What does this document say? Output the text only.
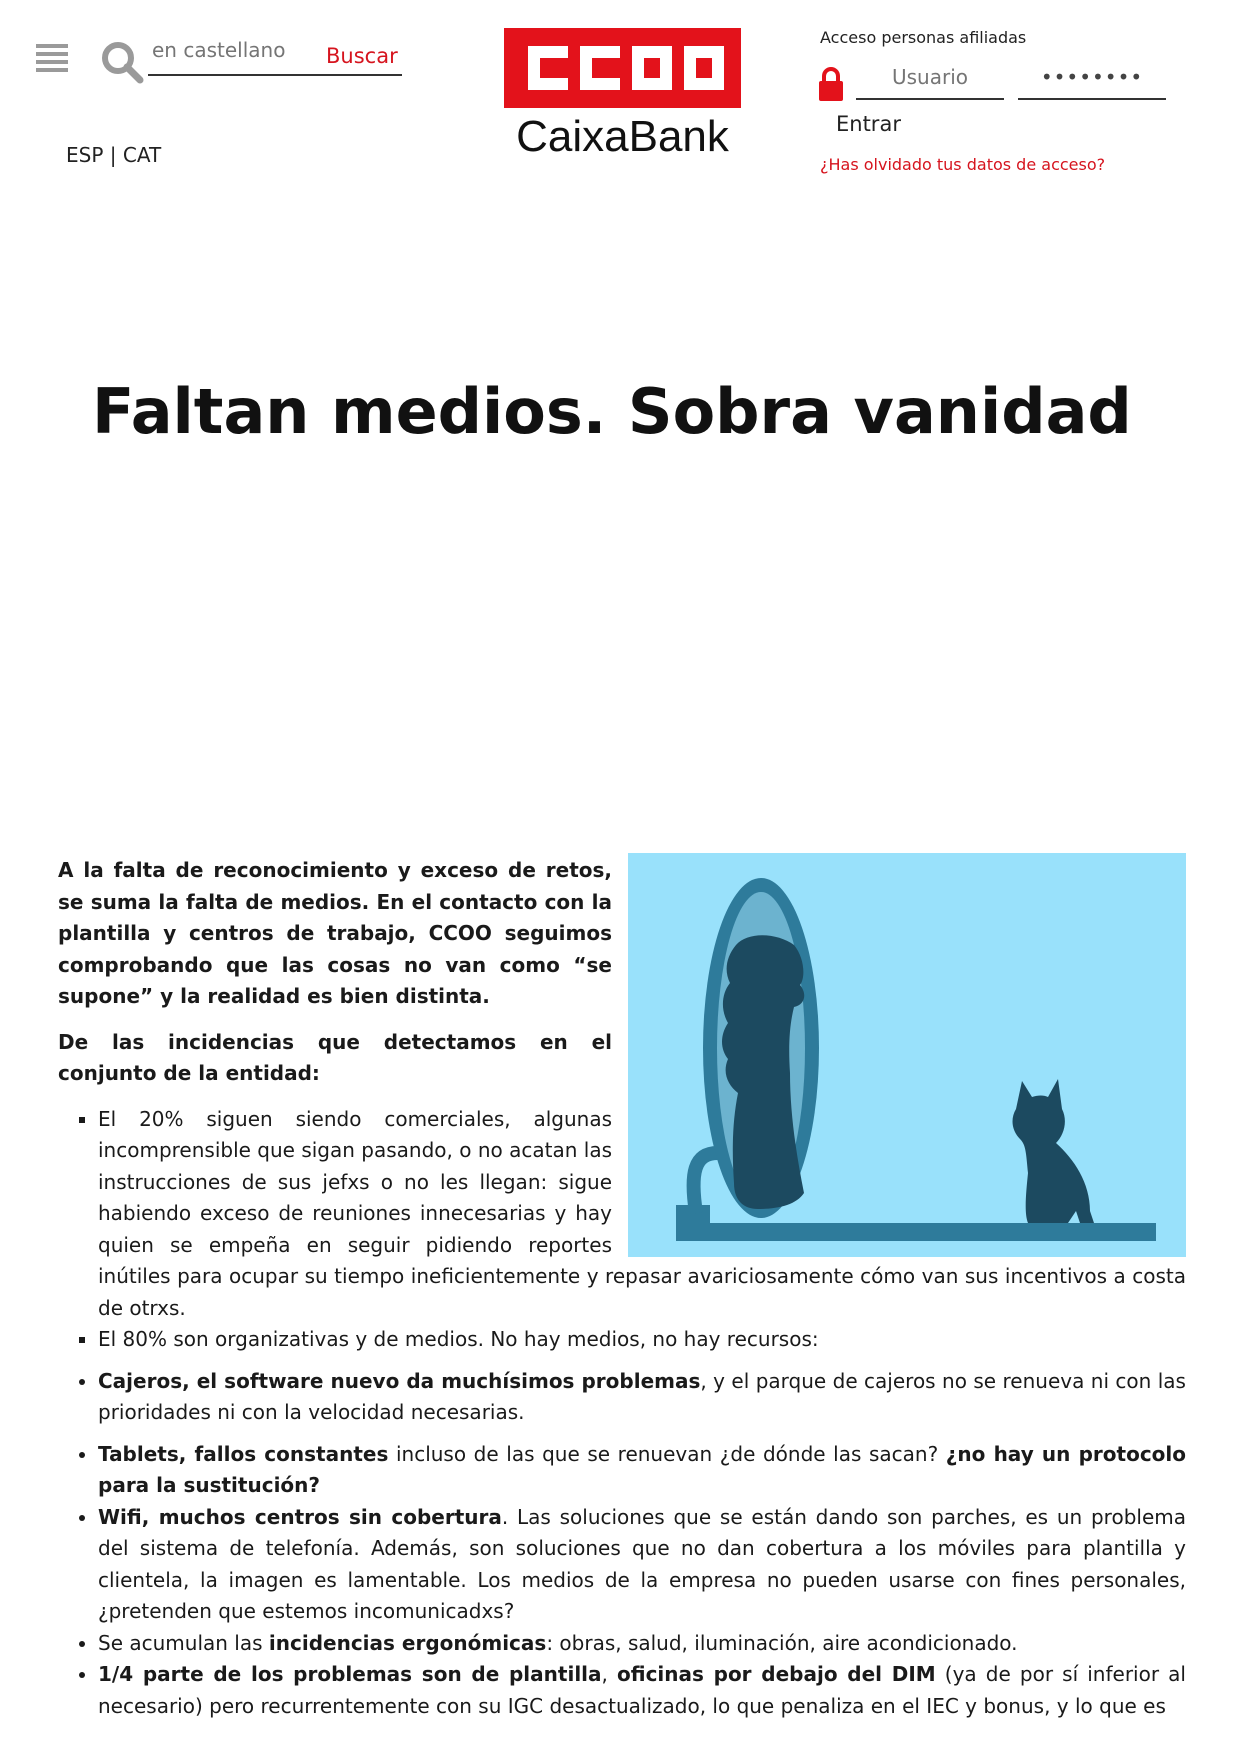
en castellano
Buscar
ESP | CAT	CaixaBank
Acceso personas afiliadas
Usuario
••••••••
Entrar
¿Has olvidado tus datos de acceso?
Faltan medios. Sobra vanidad

A la falta de reconocimiento y exceso de retos, se suma la falta de medios. En el contacto con la plantilla y centros de trabajo, CCOO seguimos comprobando que las cosas no van como “se supone” y la realidad es bien distinta.

De las incidencias que detectamos en el conjunto de la entidad:

▪ El 20% siguen siendo comerciales, algunas incomprensible que sigan pasando, o no acatan las instrucciones de sus jefxs o no les llegan: sigue habiendo exceso de reuniones innecesarias y hay quien se empeña en seguir pidiendo reportes inútiles para ocupar su tiempo ineficientemente y repasar avariciosamente cómo van sus incentivos a costa de otrxs.
▪ El 80% son organizativas y de medios. No hay medios, no hay recursos:
• Cajeros, el software nuevo da muchísimos problemas, y el parque de cajeros no se renueva ni con las prioridades ni con la velocidad necesarias.
• Tablets, fallos constantes incluso de las que se renuevan ¿de dónde las sacan? ¿no hay un protocolo para la sustitución?
• Wifi, muchos centros sin cobertura. Las soluciones que se están dando son parches, es un problema del sistema de telefonía. Además, son soluciones que no dan cobertura a los móviles para plantilla y clientela, la imagen es lamentable. Los medios de la empresa no pueden usarse con fines personales, ¿pretenden que estemos incomunicadxs?
• Se acumulan las incidencias ergonómicas: obras, salud, iluminación, aire acondicionado.
• 1/4 parte de los problemas son de plantilla, oficinas por debajo del DIM (ya de por sí inferior al necesario) pero recurrentemente con su IGC desactualizado, lo que penaliza en el IEC y bonus, y lo que es
